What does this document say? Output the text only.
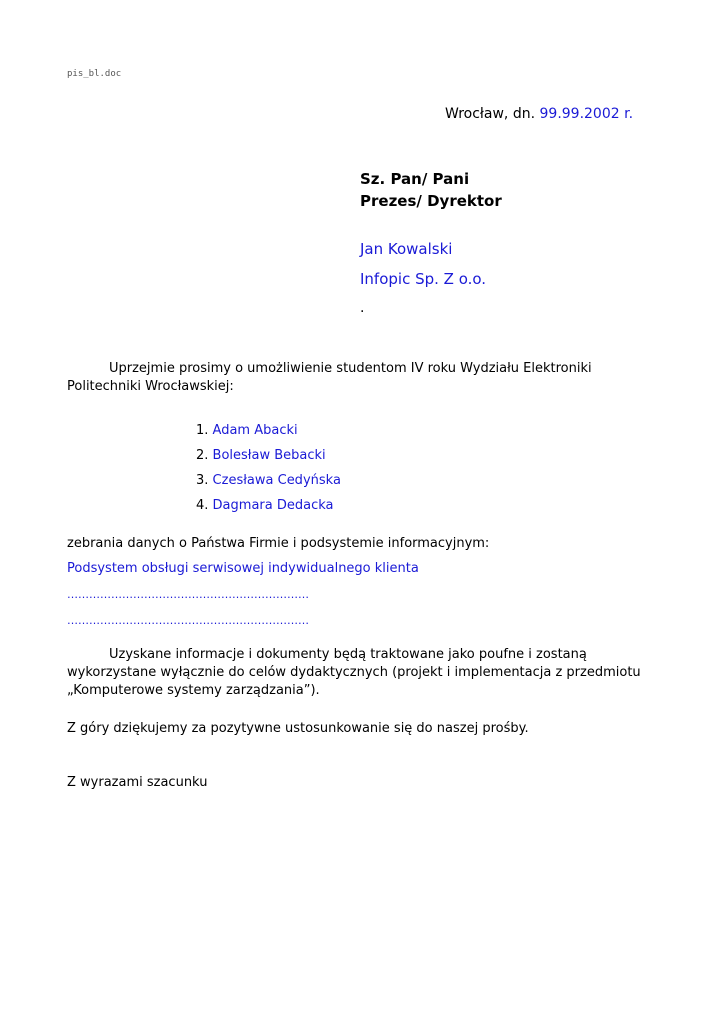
pis_bl.doc
Wrocław, dn. 99.99.2002 r.
Sz. Pan/ Pani
Prezes/ Dyrektor
Jan Kowalski
Infopic Sp. Z o.o.
.
Uprzejmie prosimy o umożliwienie studentom IV roku Wydziału Elektroniki Politechniki Wrocławskiej:
1. Adam Abacki
2. Bolesław Bebacki
3. Czesława Cedyńska
4. Dagmara Dedacka
zebrania danych o Państwa Firmie i podsystemie informacyjnym:
Podsystem obsługi serwisowej indywidualnego klienta
…………………………………………………………
…………………………………………………………
Uzyskane informacje i dokumenty będą traktowane jako poufne i zostaną wykorzystane wyłącznie do celów dydaktycznych (projekt i implementacja z przedmiotu „Komputerowe systemy zarządzania”).
Z góry dziękujemy za pozytywne ustosunkowanie się do naszej prośby.
Z wyrazami szacunku
